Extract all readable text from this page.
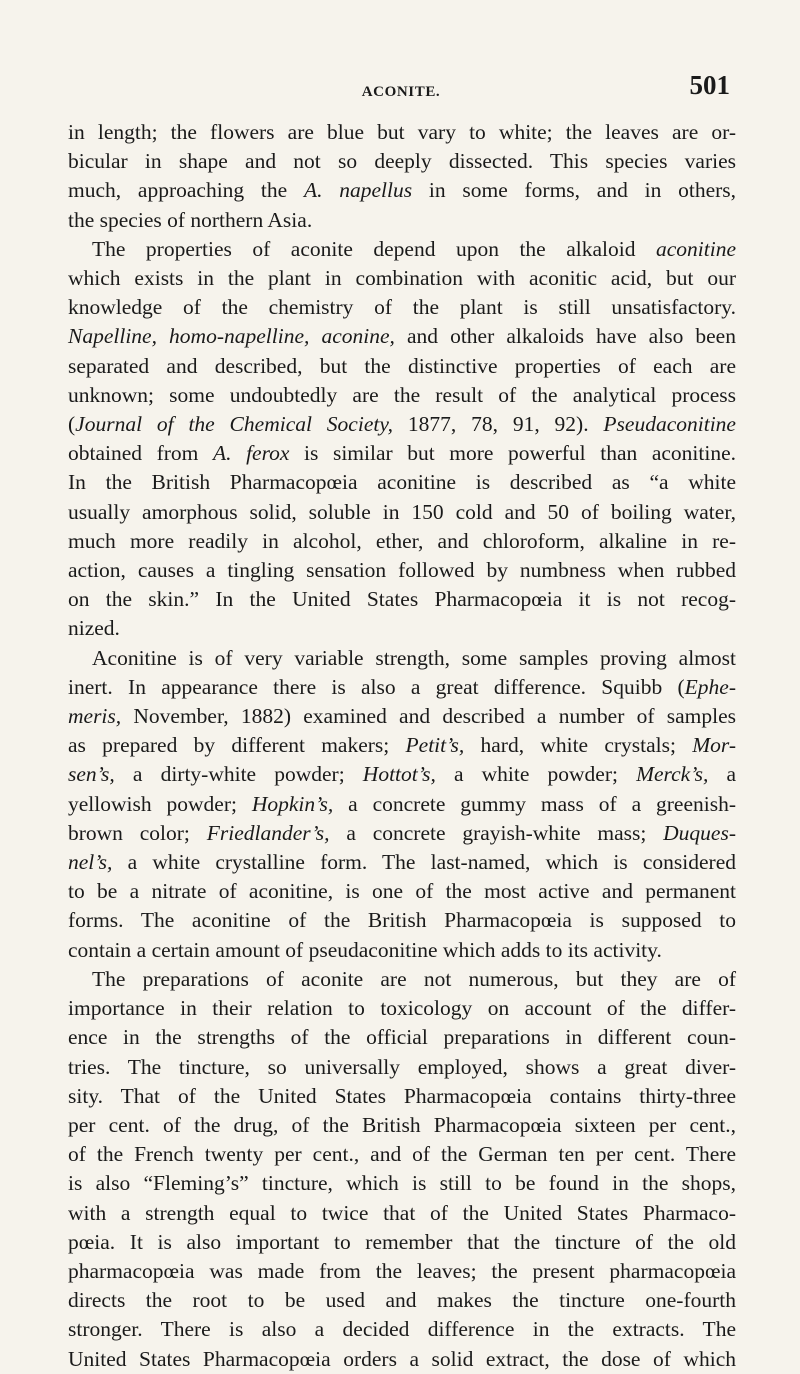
ACONITE.	501
in length; the flowers are blue but vary to white; the leaves are or-
bicular in shape and not so deeply dissected. This species varies
much, approaching the A. napellus in some forms, and in others,
the species of northern Asia.
The properties of aconite depend upon the alkaloid aconitine
which exists in the plant in combination with aconitic acid, but our
knowledge of the chemistry of the plant is still unsatisfactory.
Napelline, homo-napelline, aconine, and other alkaloids have also been
separated and described, but the distinctive properties of each are
unknown; some undoubtedly are the result of the analytical process
(Journal of the Chemical Society, 1877, 78, 91, 92). Pseudaconitine
obtained from A. ferox is similar but more powerful than aconitine.
In the British Pharmacopœia aconitine is described as “a white
usually amorphous solid, soluble in 150 cold and 50 of boiling water,
much more readily in alcohol, ether, and chloroform, alkaline in re-
action, causes a tingling sensation followed by numbness when rubbed
on the skin.” In the United States Pharmacopœia it is not recog-
nized.
Aconitine is of very variable strength, some samples proving almost
inert. In appearance there is also a great difference. Squibb (Ephe-
meris, November, 1882) examined and described a number of samples
as prepared by different makers; Petit’s, hard, white crystals; Mor-
sen’s, a dirty-white powder; Hottot’s, a white powder; Merck’s, a
yellowish powder; Hopkin’s, a concrete gummy mass of a greenish-
brown color; Friedlander’s, a concrete grayish-white mass; Duques-
nel’s, a white crystalline form. The last-named, which is considered
to be a nitrate of aconitine, is one of the most active and permanent
forms. The aconitine of the British Pharmacopœia is supposed to
contain a certain amount of pseudaconitine which adds to its activity.
The preparations of aconite are not numerous, but they are of
importance in their relation to toxicology on account of the differ-
ence in the strengths of the official preparations in different coun-
tries. The tincture, so universally employed, shows a great diver-
sity. That of the United States Pharmacopœia contains thirty-three
per cent. of the drug, of the British Pharmacopœia sixteen per cent.,
of the French twenty per cent., and of the German ten per cent. There
is also “Fleming’s” tincture, which is still to be found in the shops,
with a strength equal to twice that of the United States Pharmaco-
pœia. It is also important to remember that the tincture of the old
pharmacopœia was made from the leaves; the present pharmacopœia
directs the root to be used and makes the tincture one-fourth
stronger. There is also a decided difference in the extracts. The
United States Pharmacopœia orders a solid extract, the dose of which
